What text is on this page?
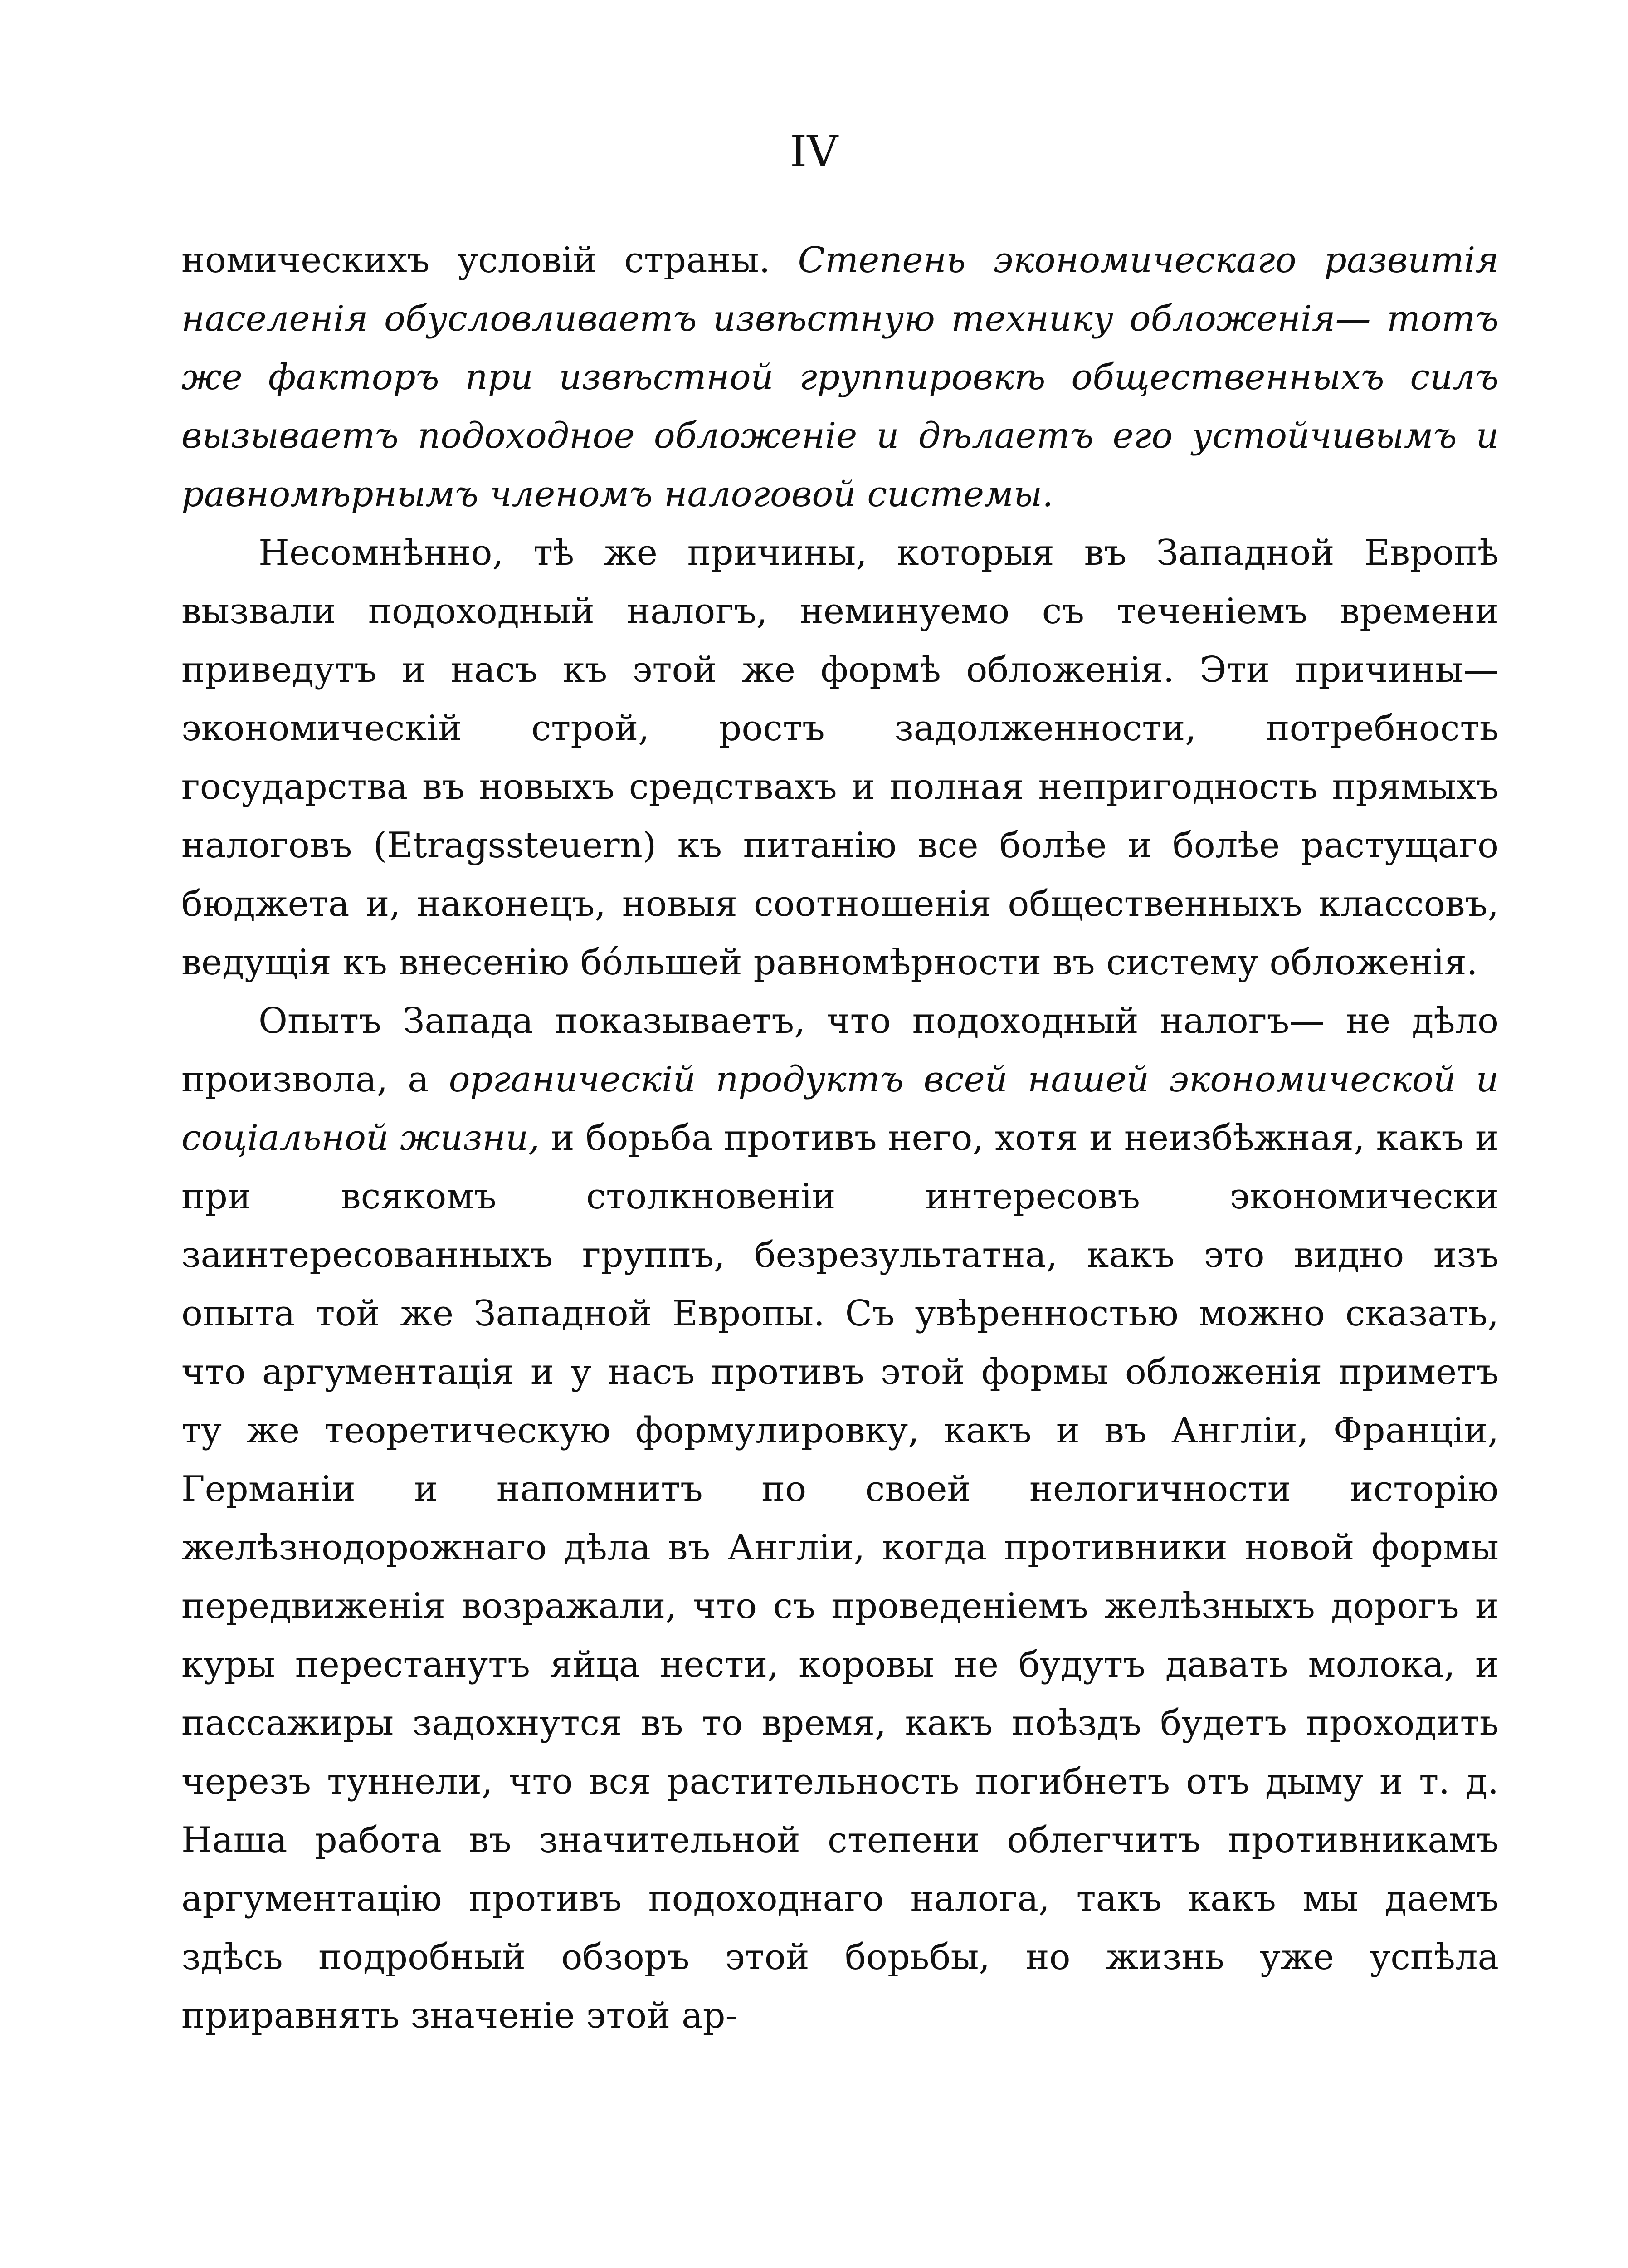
IV

номическихъ условій страны. Степень экономическаго развитія населенія обусловливаетъ извѣстную технику обложенія— тотъ же факторъ при извѣстной группировкѣ общественныхъ силъ вызываетъ подоходное обложеніе и дѣлаетъ его устойчивымъ и равномѣрнымъ членомъ налоговой системы.

Несомнѣнно, тѣ же причины, которыя въ Западной Европѣ вызвали подоходный налогъ, неминуемо съ теченіемъ времени приведутъ и насъ къ этой же формѣ обложенія. Эти причины—экономическій строй, ростъ задолженности, потребность государства въ новыхъ средствахъ и полная непригодность прямыхъ налоговъ (Etragssteuern) къ питанію все болѣе и болѣе растущаго бюджета и, наконецъ, новыя соотношенія общественныхъ классовъ, ведущія къ внесенію бóльшей равномѣрности въ систему обложенія.

Опытъ Запада показываетъ, что подоходный налогъ— не дѣло произвола, а органическій продуктъ всей нашей экономической и соціальной жизни, и борьба противъ него, хотя и неизбѣжная, какъ и при всякомъ столкновеніи интересовъ экономически заинтересованныхъ группъ, безрезультатна, какъ это видно изъ опыта той же Западной Европы. Съ увѣренностью можно сказать, что аргументація и у насъ противъ этой формы обложенія приметъ ту же теоретическую формулировку, какъ и въ Англіи, Франціи, Германіи и напомнитъ по своей нелогичности исторію желѣзнодорожнаго дѣла въ Англіи, когда противники новой формы передвиженія возражали, что съ проведеніемъ желѣзныхъ дорогъ и куры перестанутъ яйца нести, коровы не будутъ давать молока, и пассажиры задохнутся въ то время, какъ поѣздъ будетъ проходить черезъ туннели, что вся растительность погибнетъ отъ дыму и т. д. Наша работа въ значительной степени облегчитъ противникамъ аргументацію противъ подоходнаго налога, такъ какъ мы даемъ здѣсь подробный обзоръ этой борьбы, но жизнь уже успѣла приравнять значеніе этой ар-
